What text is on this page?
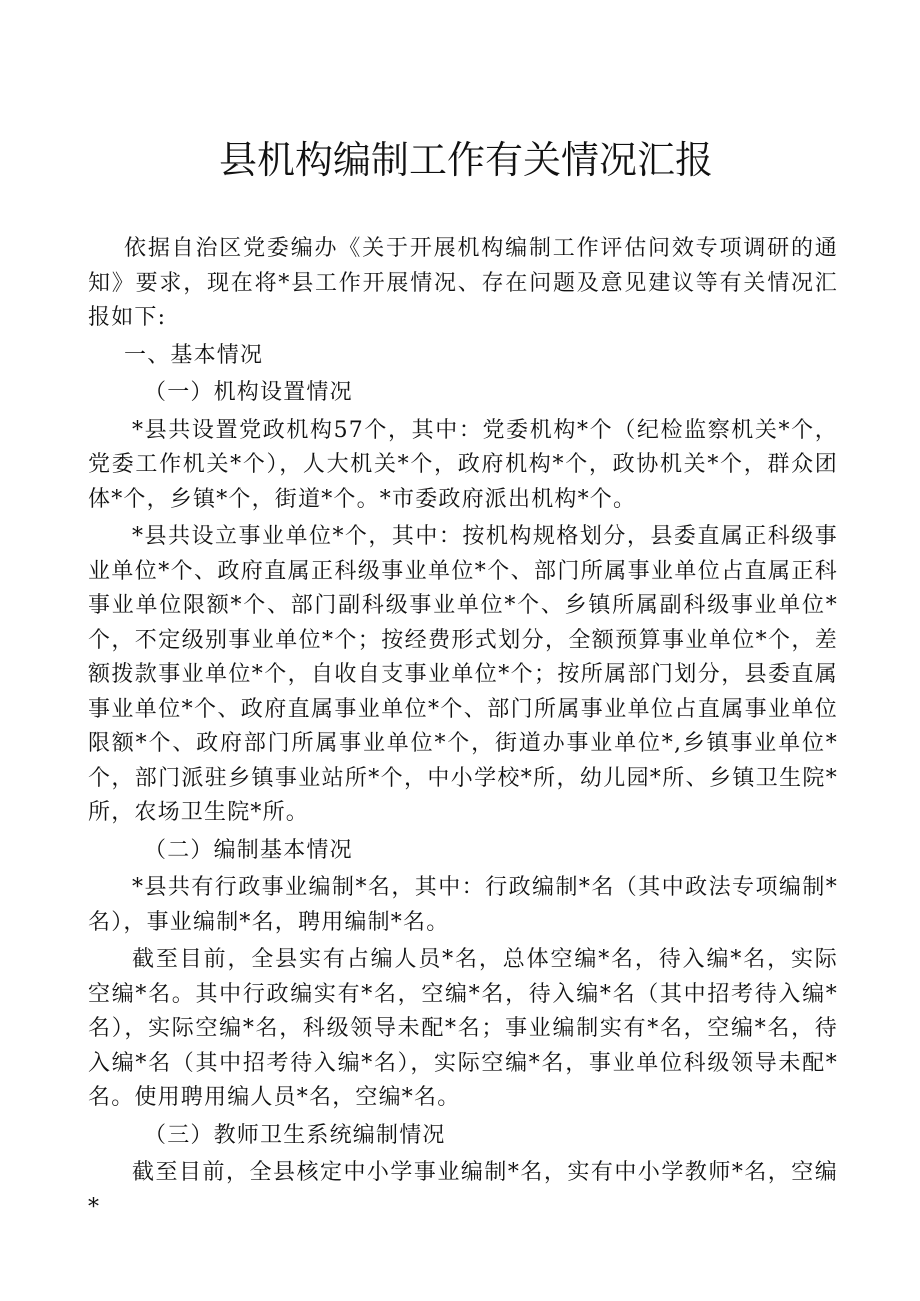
县机构编制工作有关情况汇报

依据自治区党委编办《关于开展机构编制工作评估问效专项调研的通知》要求，现在将*县工作开展情况、存在问题及意见建议等有关情况汇报如下:

一、基本情况

（一）机构设置情况

*县共设置党政机构57个，其中：党委机构*个（纪检监察机关*个，党委工作机关*个），人大机关*个，政府机构*个，政协机关*个，群众团体*个，乡镇*个，街道*个。*市委政府派出机构*个。

*县共设立事业单位*个，其中：按机构规格划分，县委直属正科级事业单位*个、政府直属正科级事业单位*个、部门所属事业单位占直属正科事业单位限额*个、部门副科级事业单位*个、乡镇所属副科级事业单位*个，不定级别事业单位*个；按经费形式划分，全额预算事业单位*个，差额拨款事业单位*个，自收自支事业单位*个；按所属部门划分，县委直属事业单位*个、政府直属事业单位*个、部门所属事业单位占直属事业单位限额*个、政府部门所属事业单位*个，街道办事业单位*,乡镇事业单位*个，部门派驻乡镇事业站所*个，中小学校*所，幼儿园*所、乡镇卫生院*所，农场卫生院*所。

（二）编制基本情况

*县共有行政事业编制*名，其中：行政编制*名（其中政法专项编制*名），事业编制*名，聘用编制*名。

截至目前，全县实有占编人员*名，总体空编*名，待入编*名，实际空编*名。其中行政编实有*名，空编*名，待入编*名（其中招考待入编*名），实际空编*名，科级领导未配*名；事业编制实有*名，空编*名，待入编*名（其中招考待入编*名），实际空编*名，事业单位科级领导未配*名。使用聘用编人员*名，空编*名。

（三）教师卫生系统编制情况

截至目前，全县核定中小学事业编制*名，实有中小学教师*名，空编*
